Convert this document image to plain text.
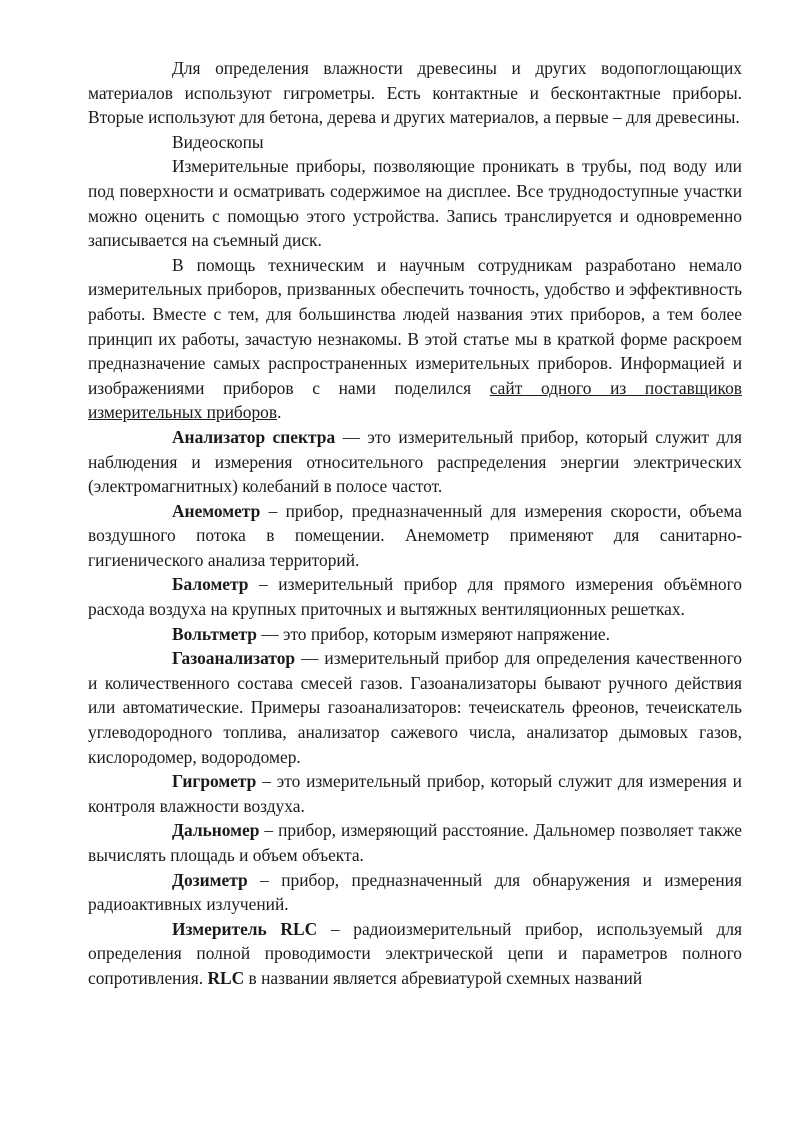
Для определения влажности древесины и других водопоглощающих материалов используют гигрометры. Есть контактные и бесконтактные приборы. Вторые используют для бетона, дерева и других материалов, а первые – для древесины.

Видеоскопы

Измерительные приборы, позволяющие проникать в трубы, под воду или под поверхности и осматривать содержимое на дисплее. Все труднодоступные участки можно оценить с помощью этого устройства. Запись транслируется и одновременно записывается на съемный диск.

В помощь техническим и научным сотрудникам разработано немало измерительных приборов, призванных обеспечить точность, удобство и эффективность работы. Вместе с тем, для большинства людей названия этих приборов, а тем более принцип их работы, зачастую незнакомы. В этой статье мы в краткой форме раскроем предназначение самых распространенных измерительных приборов. Информацией и изображениями приборов с нами поделился сайт одного из поставщиков измерительных приборов.

Анализатор спектра — это измерительный прибор, который служит для наблюдения и измерения относительного распределения энергии электрических (электромагнитных) колебаний в полосе частот.

Анемометр – прибор, предназначенный для измерения скорости, объема воздушного потока в помещении. Анемометр применяют для санитарно-гигиенического анализа территорий.

Балометр – измерительный прибор для прямого измерения объёмного расхода воздуха на крупных приточных и вытяжных вентиляционных решетках.

Вольтметр — это прибор, которым измеряют напряжение.

Газоанализатор — измерительный прибор для определения качественного и количественного состава смесей газов. Газоанализаторы бывают ручного действия или автоматические. Примеры газоанализаторов: течеискатель фреонов, течеискатель углеводородного топлива, анализатор сажевого числа, анализатор дымовых газов, кислородомер, водородомер.

Гигрометр – это измерительный прибор, который служит для измерения и контроля влажности воздуха.

Дальномер – прибор, измеряющий расстояние. Дальномер позволяет также вычислять площадь и объем объекта.

Дозиметр – прибор, предназначенный для обнаружения и измерения радиоактивных излучений.

Измеритель RLC – радиоизмерительный прибор, используемый для определения полной проводимости электрической цепи и параметров полного сопротивления. RLC в названии является абревиатурой схемных названий
